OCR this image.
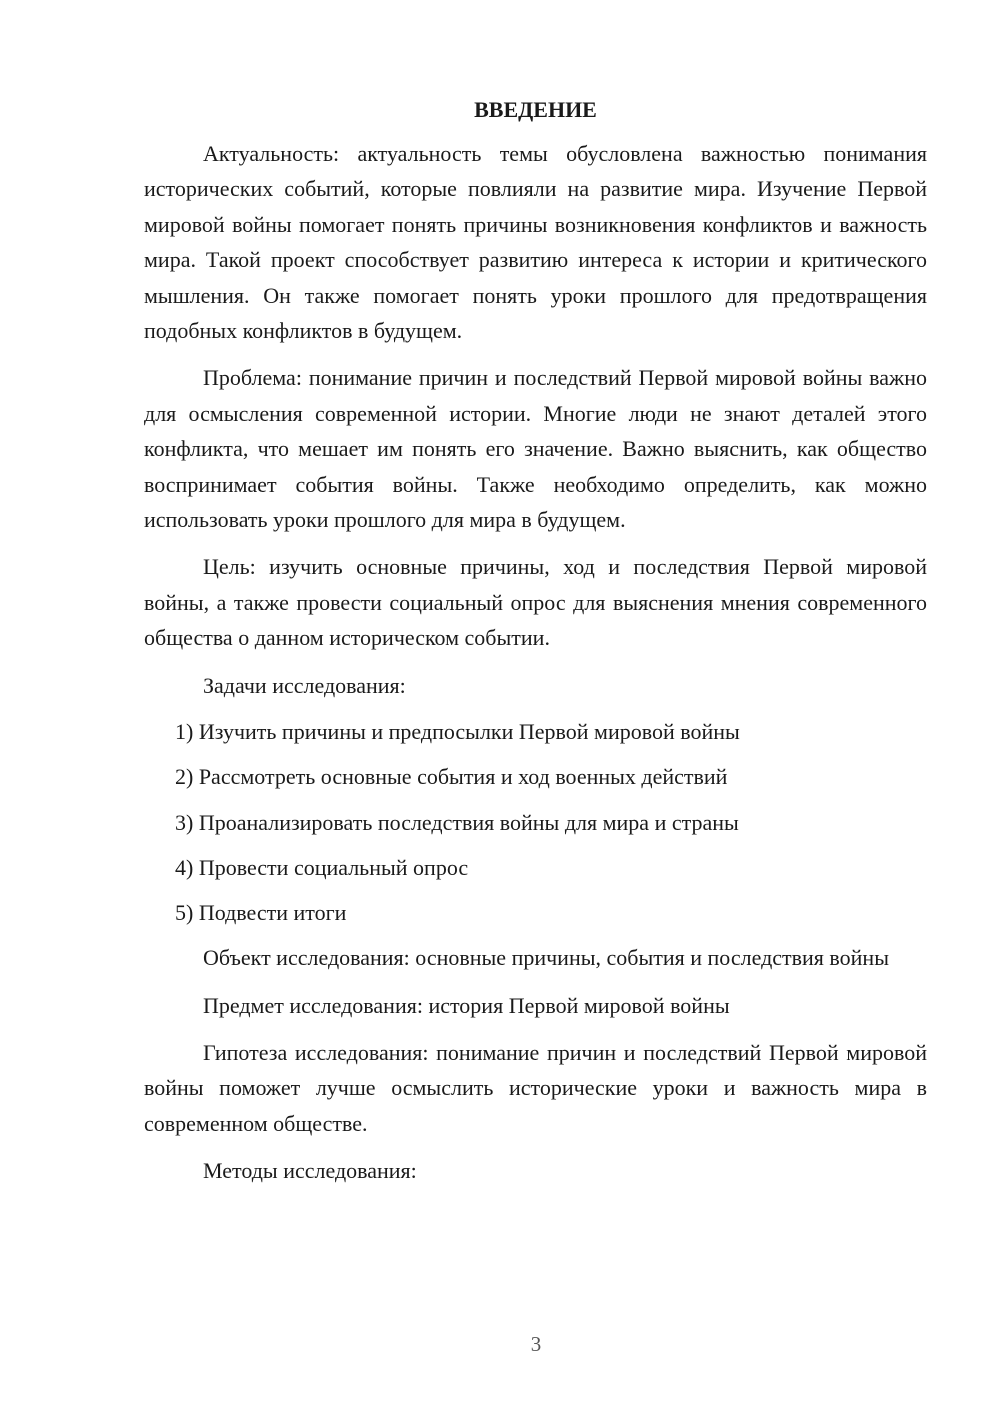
ВВЕДЕНИЕ

Актуальность: актуальность темы обусловлена важностью понимания исторических событий, которые повлияли на развитие мира. Изучение Первой мировой войны помогает понять причины возникновения конфликтов и важность мира. Такой проект способствует развитию интереса к истории и критического мышления. Он также помогает понять уроки прошлого для предотвращения подобных конфликтов в будущем.

Проблема: понимание причин и последствий Первой мировой войны важно для осмысления современной истории. Многие люди не знают деталей этого конфликта, что мешает им понять его значение. Важно выяснить, как общество воспринимает события войны. Также необходимо определить, как можно использовать уроки прошлого для мира в будущем.

Цель: изучить основные причины, ход и последствия Первой мировой войны, а также провести социальный опрос для выяснения мнения современного общества о данном историческом событии.

Задачи исследования:

1) Изучить причины и предпосылки Первой мировой войны
2) Рассмотреть основные события и ход военных действий
3) Проанализировать последствия войны для мира и страны
4) Провести социальный опрос
5) Подвести итоги

Объект исследования: основные причины, события и последствия войны

Предмет исследования: история Первой мировой войны

Гипотеза исследования: понимание причин и последствий Первой мировой войны поможет лучше осмыслить исторические уроки и важность мира в современном обществе.

Методы исследования:

3
